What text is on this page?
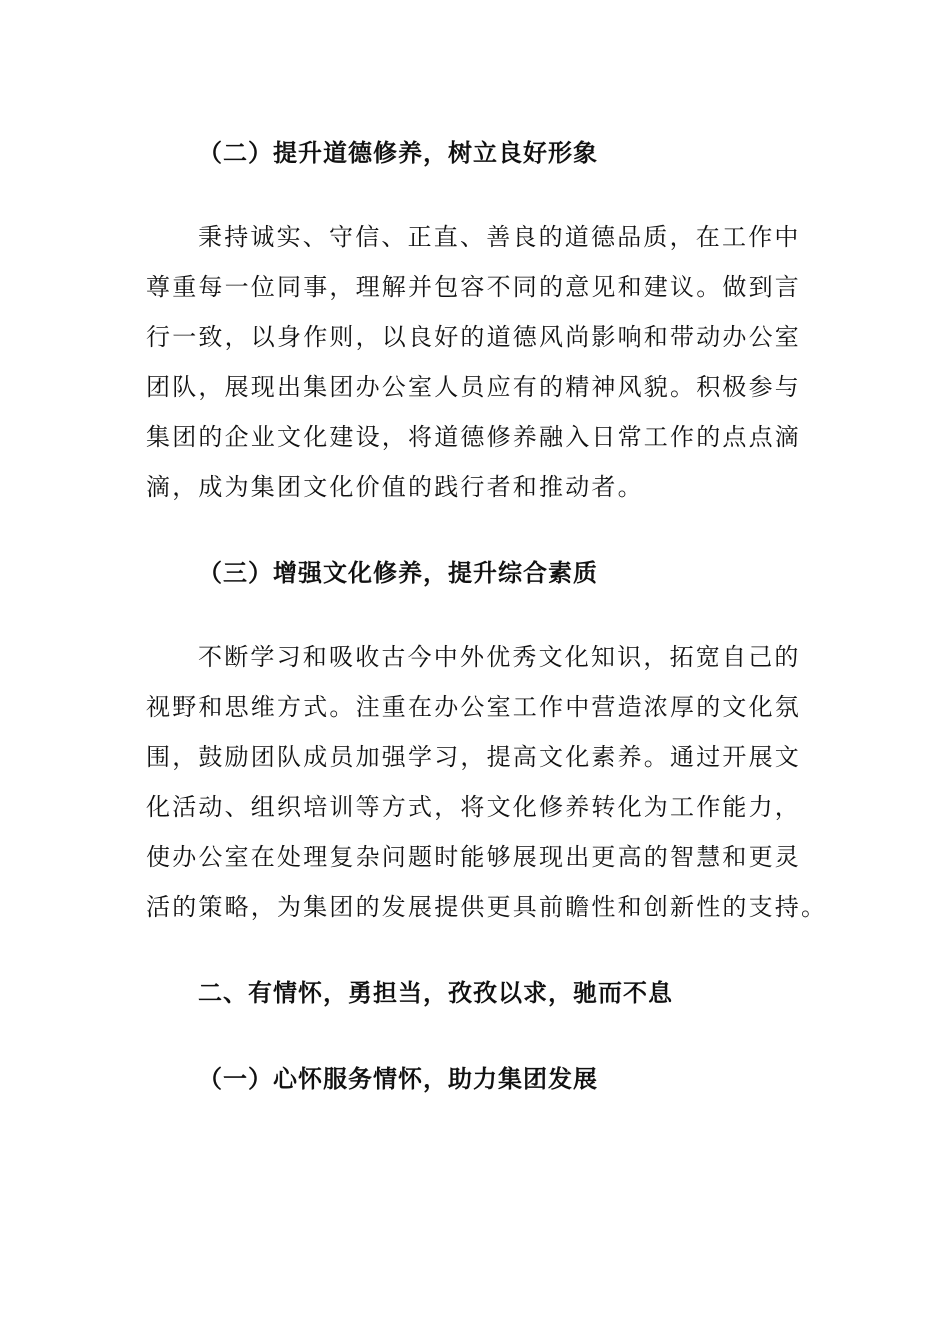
（二）提升道德修养，树立良好形象
秉持诚实、守信、正直、善良的道德品质，在工作中
尊重每一位同事，理解并包容不同的意见和建议。做到言
行一致，以身作则，以良好的道德风尚影响和带动办公室
团队，展现出集团办公室人员应有的精神风貌。积极参与
集团的企业文化建设，将道德修养融入日常工作的点点滴
滴，成为集团文化价值的践行者和推动者。
（三）增强文化修养，提升综合素质
不断学习和吸收古今中外优秀文化知识，拓宽自己的
视野和思维方式。注重在办公室工作中营造浓厚的文化氛
围，鼓励团队成员加强学习，提高文化素养。通过开展文
化活动、组织培训等方式，将文化修养转化为工作能力，
使办公室在处理复杂问题时能够展现出更高的智慧和更灵
活的策略，为集团的发展提供更具前瞻性和创新性的支持。
二、有情怀，勇担当，孜孜以求，驰而不息
（一）心怀服务情怀，助力集团发展
